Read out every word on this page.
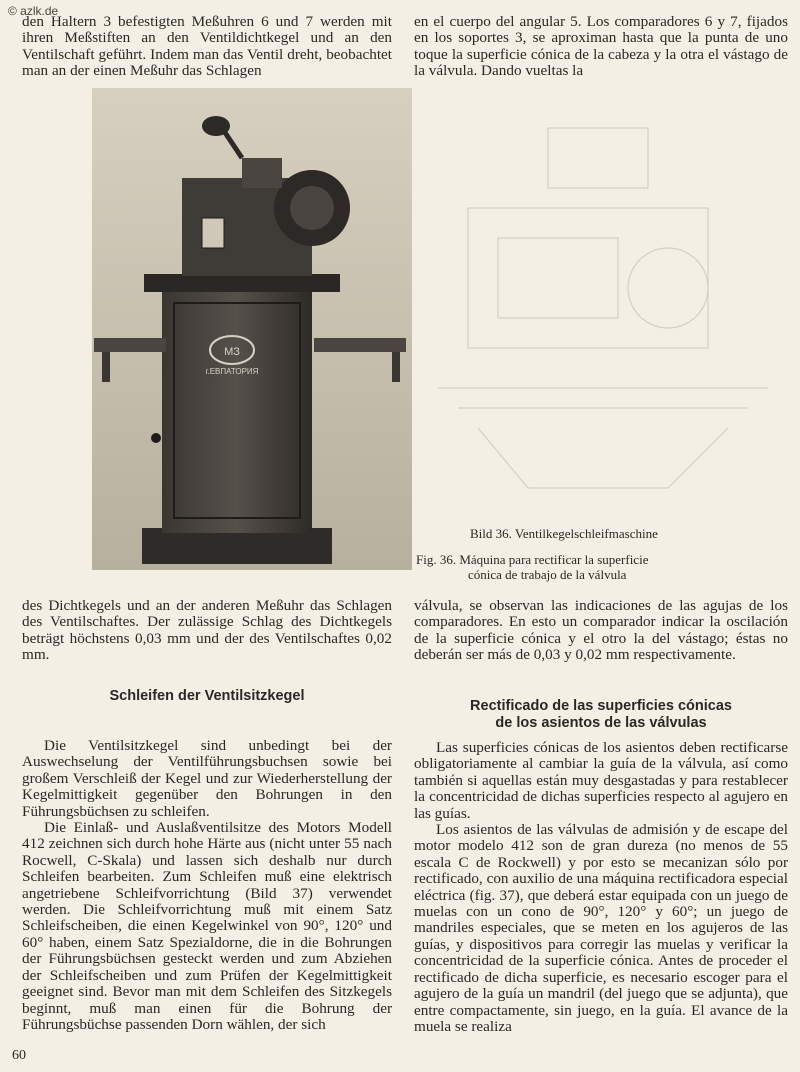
© azlk.de

den Haltern 3 befestigten Meßuhren 6 und 7 werden mit ihren Meßstiften an den Ventildichtkegel und an den Ventilschaft geführt. Indem man das Ventil dreht, beobachtet man an der einen Meßuhr das Schlagen

en el cuerpo del angular 5. Los comparadores 6 y 7, fijados en los soportes 3, se aproximan hasta que la punta de uno toque la superficie cónica de la cabeza y la otra el vástago de la válvula. Dando vueltas la

МЗ
г.ЕВПАТОРИЯ
Bild 36. Ventilkegelschleifmaschine
Fig. 36. Máquina para rectificar la superficie
cónica de trabajo de la válvula

des Dichtkegels und an der anderen Meßuhr das Schlagen des Ventilschaftes. Der zulässige Schlag des Dichtkegels beträgt höchstens 0,03 mm und der des Ventilschaftes 0,02 mm.

válvula, se observan las indicaciones de las agujas de los comparadores. En esto un comparador indicar la oscilación de la superficie cónica y el otro la del vástago; éstas no deberán ser más de 0,03 y 0,02 mm respectivamente.

Schleifen der Ventilsitzkegel

Rectificado de las superficies cónicas

de los asientos de las válvulas

Die Ventilsitzkegel sind unbedingt bei der Auswechselung der Ventilführungsbuchsen sowie bei großem Verschleiß der Kegel und zur Wiederherstellung der Kegelmittigkeit gegenüber den Bohrungen in den Führungsbüchsen zu schleifen.

Die Einlaß- und Auslaßventilsitze des Motors Modell 412 zeichnen sich durch hohe Härte aus (nicht unter 55 nach Rocwell, C-Skala) und lassen sich deshalb nur durch Schleifen bearbeiten. Zum Schleifen muß eine elektrisch angetriebene Schleifvorrichtung (Bild 37) verwendet werden. Die Schleifvorrichtung muß mit einem Satz Schleifscheiben, die einen Kegelwinkel von 90°, 120° und 60° haben, einem Satz Spezialdorne, die in die Bohrungen der Führungsbüchsen gesteckt werden und zum Abziehen der Schleifscheiben und zum Prüfen der Kegelmittigkeit geeignet sind. Bevor man mit dem Schleifen des Sitzkegels beginnt, muß man einen für die Bohrung der Führungsbüchse passenden Dorn wählen, der sich

Las superficies cónicas de los asientos deben rectificarse obligatoriamente al cambiar la guía de la válvula, así como también si aquellas están muy desgastadas y para restablecer la concentricidad de dichas superficies respecto al agujero en las guías.

Los asientos de las válvulas de admisión y de escape del motor modelo 412 son de gran dureza (no menos de 55 escala C de Rockwell) y por esto se mecanizan sólo por rectificado, con auxilio de una máquina rectificadora especial eléctrica (fig. 37), que deberá estar equipada con un juego de muelas con un cono de 90°, 120° y 60°; un juego de mandriles especiales, que se meten en los agujeros de las guías, y dispositivos para corregir las muelas y verificar la concentricidad de la superficie cónica. Antes de proceder el rectificado de dicha superficie, es necesario escoger para el agujero de la guía un mandril (del juego que se adjunta), que entre compactamente, sin juego, en la guía. El avance de la muela se realiza

60
